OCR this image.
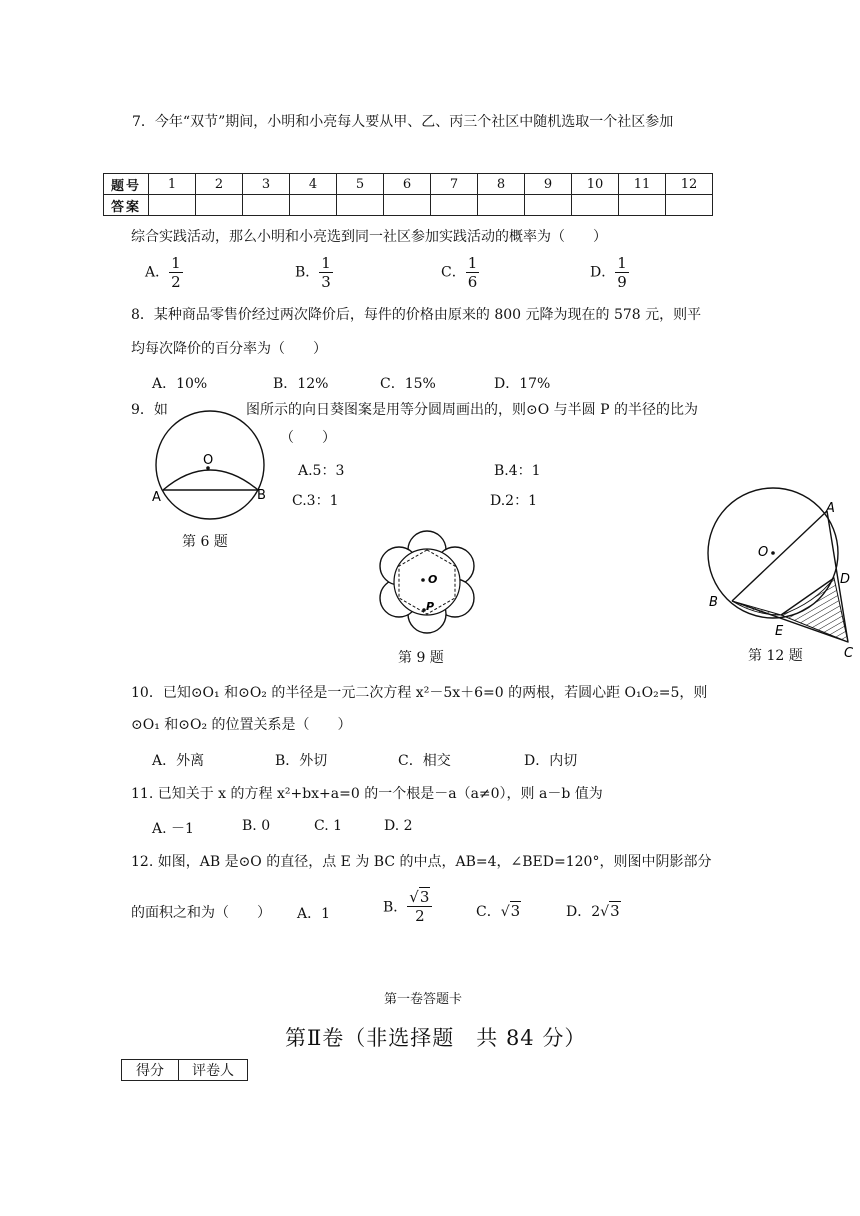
7．今年“双节”期间，小明和小亮每人要从甲、乙、丙三个社区中随机选取一个社区参加
题号	1	2	3	4	5	6	7	8	9	10	11	12
答案												
综合实践活动，那么小明和小亮选到同一社区参加实践活动的概率为（　　）
A． $\frac{1}{2}$	B． $\frac{1}{3}$	C． $\frac{1}{6}$	D． $\frac{1}{9}$
8．某种商品零售价经过两次降价后，每件的价格由原来的 800 元降为现在的 578 元，则平
均每次降价的百分率为（　　）
A．10%	B．12%	C．15%	D．17%
9．如	图所示的向日葵图案是用等分圆周画出的，则⊙O 与半圆 P 的半径的比为
（　　）
A.5：3	B.4：1
C.3：1	D.2：1
O
A	B
第 6 题
O
P
第 9 题
O
A
B
D
E
C
第 12 题
10．已知⊙O₁ 和⊙O₂ 的半径是一元二次方程 x²－5x＋6=0 的两根，若圆心距 O₁O₂=5，则
⊙O₁ 和⊙O₂ 的位置关系是（　　）
A．外离	B．外切	C．相交	D．内切
11. 已知关于 x 的方程 x²+bx+a=0 的一个根是－a（a≠0），则 a－b 值为
A. －1	B. 0	C. 1	D. 2
12. 如图，AB 是⊙O 的直径，点 E 为 BC 的中点，AB=4，∠BED=120°，则图中阴影部分
的面积之和为（　　） A．1	B． $\frac{√3}{2}$	C．√3	D．2√3
第一卷答题卡
第Ⅱ卷（非选择题　共 84 分）
得分	评卷人
